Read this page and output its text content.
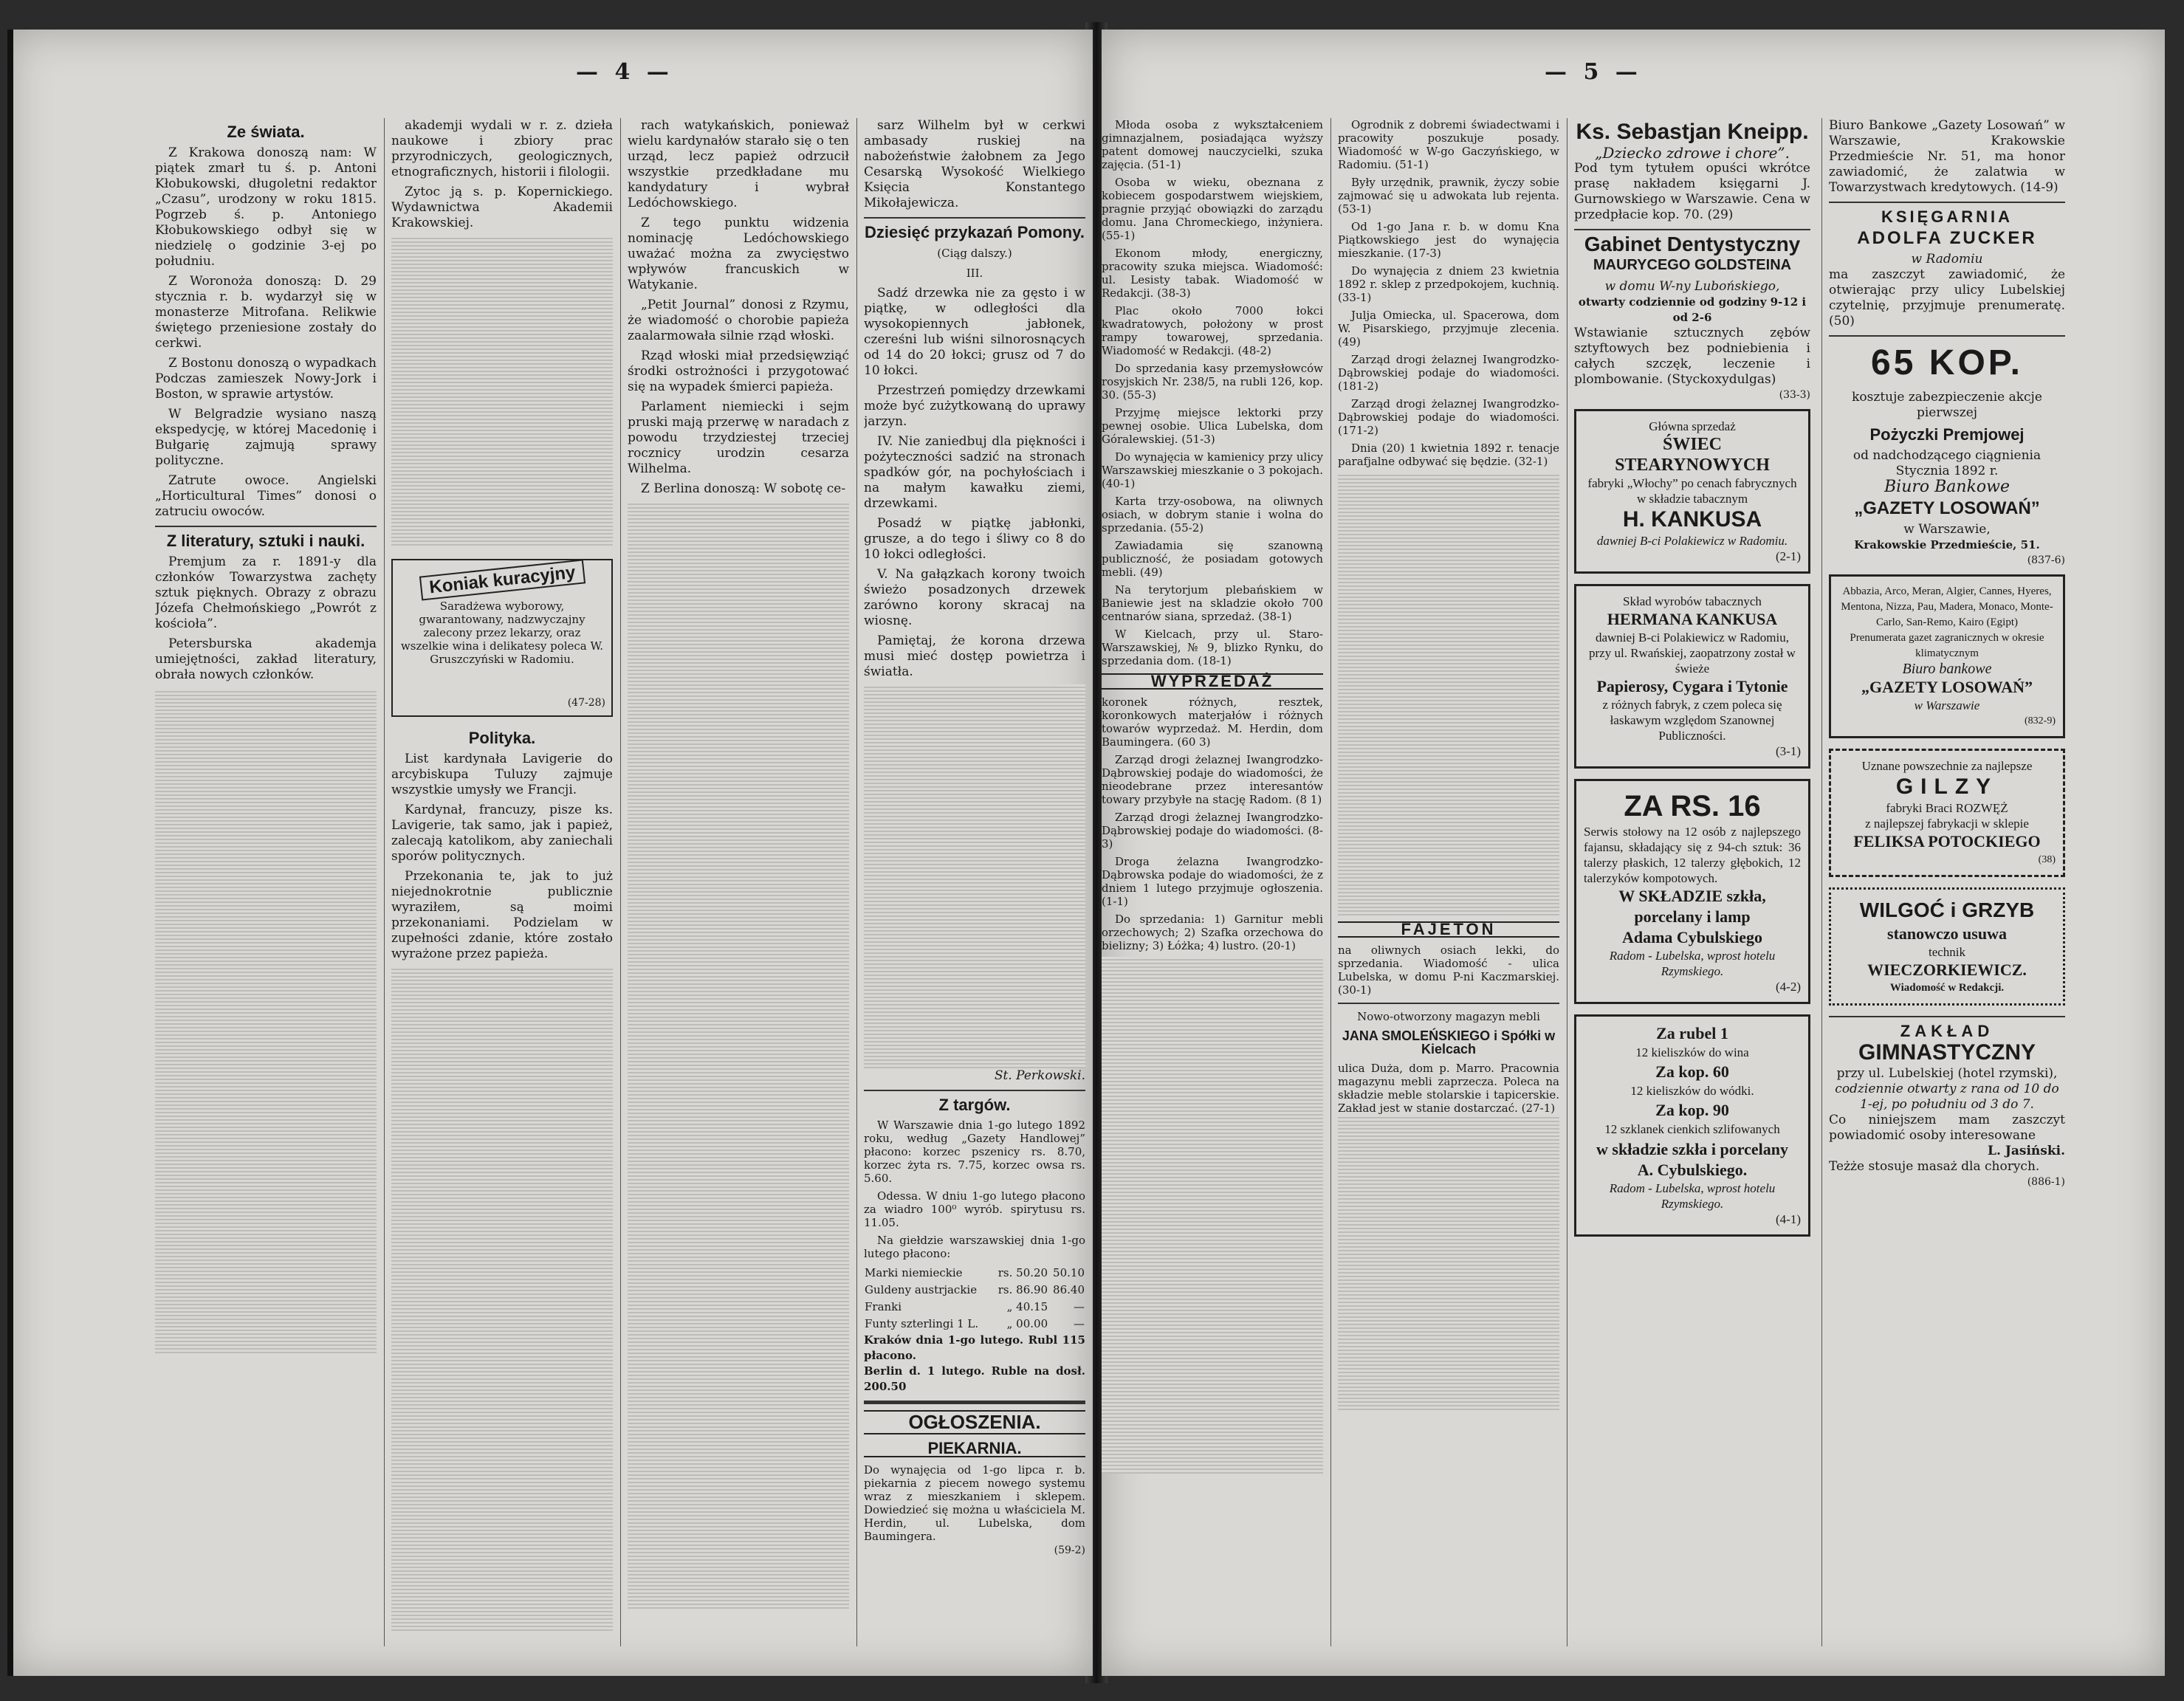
— 4 —
Ze świata.

Z Krakowa donoszą nam: W piątek zmarł tu ś. p. Antoni Kłobukowski, długoletni redaktor „Czasu”, urodzony w roku 1815. Pogrzeb ś. p. Antoniego Kłobukowskiego odbył się w niedzielę o godzinie 3-ej po południu.

Z Woronoża donoszą: D. 29 stycznia r. b. wydarzył się w monasterze Mitrofana. Relikwie świętego przeniesione zostały do cerkwi.

Z Bostonu donoszą o wypadkach Podczas zamieszek Nowy-Jork i Boston, w sprawie artystów.

W Belgradzie wysiano naszą ekspedycję, w której Macedonię i Bułgarię zajmują sprawy polityczne.

Zatrute owoce. Angielski „Horticultural Times” donosi o zatruciu owoców.

Z literatury, sztuki i nauki.

Premjum za r. 1891-y dla członków Towarzystwa zachęty sztuk pięknych. Obrazy z obrazu Józefa Chełmońskiego „Powrót z kościoła”.

Petersburska akademja umiejętności, zakład literatury, obrała nowych członków.

akademji wydali w r. z. dzieła naukowe i zbiory prac przyrodniczych, geologicznych, etnograficznych, historii i filologii.

Zytoc ją s. p. Kopernickiego. Wydawnictwa Akademii Krakowskiej.

Koniak kuracyjny
Saradżewa wyborowy, gwarantowany, nadzwyczajny zalecony przez lekarzy, oraz wszelkie wina i delikatesy poleca W. Gruszczyński w Radomiu.
(47-28)
Polityka.

List kardynała Lavigerie do arcybiskupa Tuluzy zajmuje wszystkie umysły we Francji.

Kardynał, francuzy, pisze ks. Lavigerie, tak samo, jak i papież, zalecają katolikom, aby zaniechali sporów politycznych.

Przekonania te, jak to już niejednokrotnie publicznie wyraziłem, są moimi przekonaniami. Podzielam w zupełności zdanie, które zostało wyrażone przez papieża.

rach watykańskich, ponieważ wielu kardynałów starało się o ten urząd, lecz papież odrzucił wszystkie przedkładane mu kandydatury i wybrał Ledóchowskiego.

Z tego punktu widzenia nominację Ledóchowskiego uważać można za zwycięstwo wpływów francuskich w Watykanie.

„Petit Journal” donosi z Rzymu, że wiadomość o chorobie papieża zaalarmowała silnie rząd włoski.

Rząd włoski miał przedsięwziąć środki ostrożności i przygotować się na wypadek śmierci papieża.

Parlament niemiecki i sejm pruski mają przerwę w naradach z powodu trzydziestej trzeciej rocznicy urodzin cesarza Wilhelma.

Z Berlina donoszą: W sobotę ce-

sarz Wilhelm był w cerkwi ambasady ruskiej na nabożeństwie żałobnem za Jego Cesarską Wysokość Wielkiego Księcia Konstantego Mikołajewicza.

Dziesięć przykazań Pomony.
(Ciąg dalszy.)
III.

Sadź drzewka nie za gęsto i w piątkę, w odległości dla wysokopiennych jabłonek, czereśni lub wiśni silnorosnących od 14 do 20 łokci; grusz od 7 do 10 łokci.

Przestrzeń pomiędzy drzewkami może być zużytkowaną do uprawy jarzyn.

IV. Nie zaniedbuj dla piękności i pożyteczności sadzić na stronach spadków gór, na pochyłościach i na małym kawałku ziemi, drzewkami.

Posadź w piątkę jabłonki, grusze, a do tego i śliwy co 8 do 10 łokci odległości.

V. Na gałązkach korony twoich świeżo posadzonych drzewek zarówno korony skracaj na wiosnę.

Pamiętaj, że korona drzewa musi mieć dostęp powietrza i światła.

St. Perkowski.
Z targów.

W Warszawie dnia 1-go lutego 1892 roku, według „Gazety Handlowej” płacono: korzec pszenicy rs. 8.70, korzec żyta rs. 7.75, korzec owsa rs. 5.60.

Odessa. W dniu 1-go lutego płacono za wiadro 100⁰ wyrób. spirytusu rs. 11.05.

Na giełdzie warszawskiej dnia 1-go lutego płacono:

Marki niemieckie	rs. 50.20	50.10
Guldeny austrjackie	rs. 86.90	86.40
Franki	„ 40.15	—
Funty szterlingi 1 L.	„ 00.00	—
Kraków dnia 1-go lutego. Rubl 115 płacono.
Berlin d. 1 lutego. Ruble na dosł. 200.50
OGŁOSZENIA.
PIEKARNIA.
Do wynajęcia od 1-go lipca r. b. piekarnia z piecem nowego systemu wraz z mieszkaniem i sklepem. Dowiedzieć się można u właściciela M. Herdin, ul. Lubelska, dom Baumingera.
(59-2)
— 5 —

Młoda osoba z wykształceniem gimnazjalnem, posiadająca wyższy patent domowej nauczycielki, szuka zajęcia. (51-1)

Osoba w wieku, obeznana z kobiecem gospodarstwem wiejskiem, pragnie przyjąć obowiązki do zarządu domu. Jana Chromeckiego, inżyniera. (55-1)

Ekonom młody, energiczny, pracowity szuka miejsca. Wiadomość: ul. Lesisty tabak. Wiadomość w Redakcji. (38-3)

Plac około 7000 łokci kwadratowych, położony w prost rampy towarowej, sprzedania. Wiadomość w Redakcji. (48-2)

Do sprzedania kasy przemysłowców rosyjskich Nr. 238/5, na rubli 126, kop. 30. (55-3)

Przyjmę miejsce lektorki przy pewnej osobie. Ulica Lubelska, dom Góralewskiej. (51-3)

Do wynajęcia w kamienicy przy ulicy Warszawskiej mieszkanie o 3 pokojach. (40-1)

Karta trzy-osobowa, na oliwnych osiach, w dobrym stanie i wolna do sprzedania. (55-2)

Zawiadamia się szanowną publiczność, że posiadam gotowych mebli. (49)

Na terytorjum plebańskiem w Baniewie jest na skladzie około 700 centnarów siana, sprzedaż. (38-1)

W Kielcach, przy ul. Staro-Warszawskiej, № 9, blizko Rynku, do sprzedania dom. (18-1)

WYPRZEDAŻ
koronek różnych, resztek, koronkowych materjałów i różnych towarów wyprzedaż. M. Herdin, dom Baumingera. (60 3)

Zarząd drogi żelaznej Iwangrodzko-Dąbrowskiej podaje do wiadomości, że nieodebrane przez interesantów towary przybyłe na stację Radom. (8 1)

Zarząd drogi żelaznej Iwangrodzko-Dąbrowskiej podaje do wiadomości. (8-3)

Droga żelazna Iwangrodzko-Dąbrowska podaje do wiadomości, że z dniem 1 lutego przyjmuje ogłoszenia. (1-1)

Do sprzedania: 1) Garnitur mebli orzechowych; 2) Szafka orzechowa do bielizny; 3) Łóżka; 4) lustro. (20-1)

Ogrodnik z dobremi świadectwami i pracowity poszukuje posady. Wiadomość w W-go Gaczyńskiego, w Radomiu. (51-1)

Były urzędnik, prawnik, życzy sobie zajmować się u adwokata lub rejenta. (53-1)

Od 1-go Jana r. b. w domu Kna Piątkowskiego jest do wynajęcia mieszkanie. (17-3)

Do wynajęcia z dniem 23 kwietnia 1892 r. sklep z przedpokojem, kuchnią. (33-1)

Julja Omiecka, ul. Spacerowa, dom W. Pisarskiego, przyjmuje zlecenia. (49)

Zarząd drogi żelaznej Iwangrodzko-Dąbrowskiej podaje do wiadomości. (181-2)

Zarząd drogi żelaznej Iwangrodzko-Dąbrowskiej podaje do wiadomości. (171-2)

Dnia (20) 1 kwietnia 1892 r. tenacje parafjalne odbywać się będzie. (32-1)

FAJETON
na oliwnych osiach lekki, do sprzedania. Wiadomość - ulica Lubelska, w domu P-ni Kaczmarskiej. (30-1)
Nowo-otworzony magazyn mebli
JANA SMOLEŃSKIEGO i Spółki w Kielcach
ulica Duża, dom p. Marro. Pracownia magazynu mebli zaprzecza. Poleca na składzie meble stolarskie i tapicerskie. Zakład jest w stanie dostarczać. (27-1)
Ks. Sebastjan Kneipp.
„Dziecko zdrowe i chore”.
Pod tym tytułem opuści wkrótce prasę nakładem księgarni J. Gurnowskiego w Warszawie. Cena w przedpłacie kop. 70. (29)
Gabinet Dentystyczny
MAURYCEGO GOLDSTEINA
w domu W-ny Lubońskiego,
otwarty codziennie od godziny 9-12 i od 2-6
Wstawianie sztucznych zębów sztyftowych bez podniebienia i całych szczęk, leczenie i plombowanie. (Styckoxydulgas)
(33-3)
Główna sprzedaż
ŚWIEC STEARYNOWYCH
fabryki „Włochy” po cenach fabrycznych w składzie tabacznym
H. KANKUSA
dawniej B-ci Polakiewicz w Radomiu.
(2-1)
Skład wyrobów tabacznych
HERMANA KANKUSA
dawniej B-ci Polakiewicz w Radomiu, przy ul. Rwańskiej, zaopatrzony został w świeże
Papierosy, Cygara i Tytonie
z różnych fabryk, z czem poleca się łaskawym względom Szanownej Publiczności.
(3-1)
ZA RS. 16
Serwis stołowy na 12 osób z najlepszego fajansu, składający się z 94-ch sztuk: 36 talerzy płaskich, 12 talerzy głębokich, 12 talerzyków kompotowych.
W SKŁADZIE szkła, porcelany i lamp
Adama Cybulskiego
Radom - Lubelska, wprost hotelu Rzymskiego.
(4-2)
Za rubel 1
12 kieliszków do wina
Za kop. 60
12 kieliszków do wódki.
Za kop. 90
12 szklanek cienkich szlifowanych
w składzie szkła i porcelany
A. Cybulskiego.
Radom - Lubelska, wprost hotelu Rzymskiego.
(4-1)
Biuro Bankowe „Gazety Losowań” w Warszawie, Krakowskie Przedmieście Nr. 51, ma honor zawiadomić, że zalatwia w Towarzystwach kredytowych. (14-9)
KSIĘGARNIA
ADOLFA ZUCKER
w Radomiu
ma zaszczyt zawiadomić, że otwierając przy ulicy Lubelskiej czytelnię, przyjmuje prenumeratę. (50)
65 KOP.
kosztuje zabezpieczenie akcje pierwszej
Pożyczki Premjowej
od nadchodzącego ciągnienia Stycznia 1892 r.
Biuro Bankowe
„GAZETY LOSOWAŃ”
w Warszawie,
Krakowskie Przedmieście, 51.
(837-6)
Abbazia, Arco, Meran, Algier, Cannes, Hyeres, Mentona, Nizza, Pau, Madera, Monaco, Monte-Carlo, San-Remo, Kairo (Egipt)
Prenumerata gazet zagranicznych w okresie klimatycznym
Biuro bankowe
„GAZETY LOSOWAŃ”
w Warszawie
(832-9)
Uznane powszechnie za najlepsze
GILZY
fabryki Braci ROZWĘŻ
z najlepszej fabrykacji w sklepie
FELIKSA POTOCKIEGO
(38)
WILGOĆ i GRZYB
stanowczo usuwa
technik
WIECZORKIEWICZ.
Wiadomość w Redakcji.
ZAKŁAD
GIMNASTYCZNY
przy ul. Lubelskiej (hotel rzymski),
codziennie otwarty z rana od 10 do 1-ej, po południu od 3 do 7.
Co niniejszem mam zaszczyt powiadomić osoby interesowane
L. Jasiński.
Teżże stosuje masaż dla chorych.
(886-1)
